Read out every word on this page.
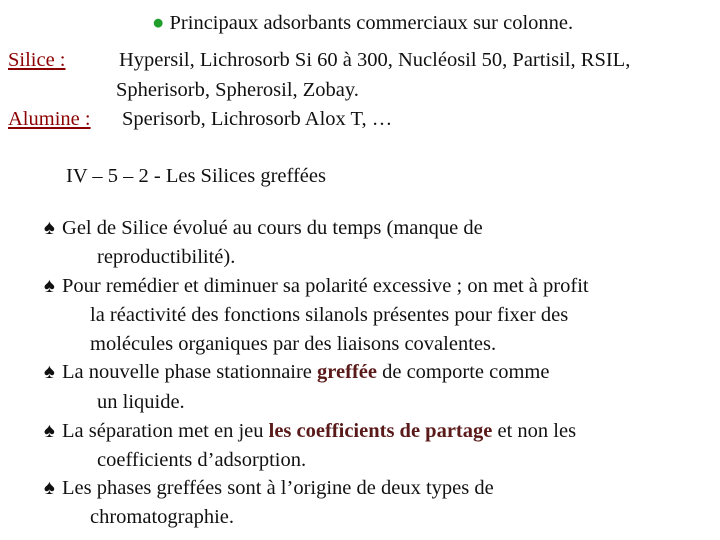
● Principaux adsorbants commerciaux sur colonne.
Silice :	Hypersil, Lichrosorb Si 60 à 300, Nucléosil 50, Partisil, RSIL,
Spherisorb, Spherosil, Zobay.
Alumine : Sperisorb, Lichrosorb Alox T, …
IV – 5 – 2 - Les Silices greffées
♠ Gel de Silice évolué au cours du temps (manque de
reproductibilité).
♠ Pour remédier et diminuer sa polarité excessive ; on met à profit
la réactivité des fonctions silanols présentes pour fixer des
molécules organiques par des liaisons covalentes.
♠ La nouvelle phase stationnaire greffée de comporte comme
un liquide.
♠ La séparation met en jeu les coefficients de partage et non les
coefficients d’adsorption.
♠ Les phases greffées sont à l’origine de deux types de
chromatographie.
